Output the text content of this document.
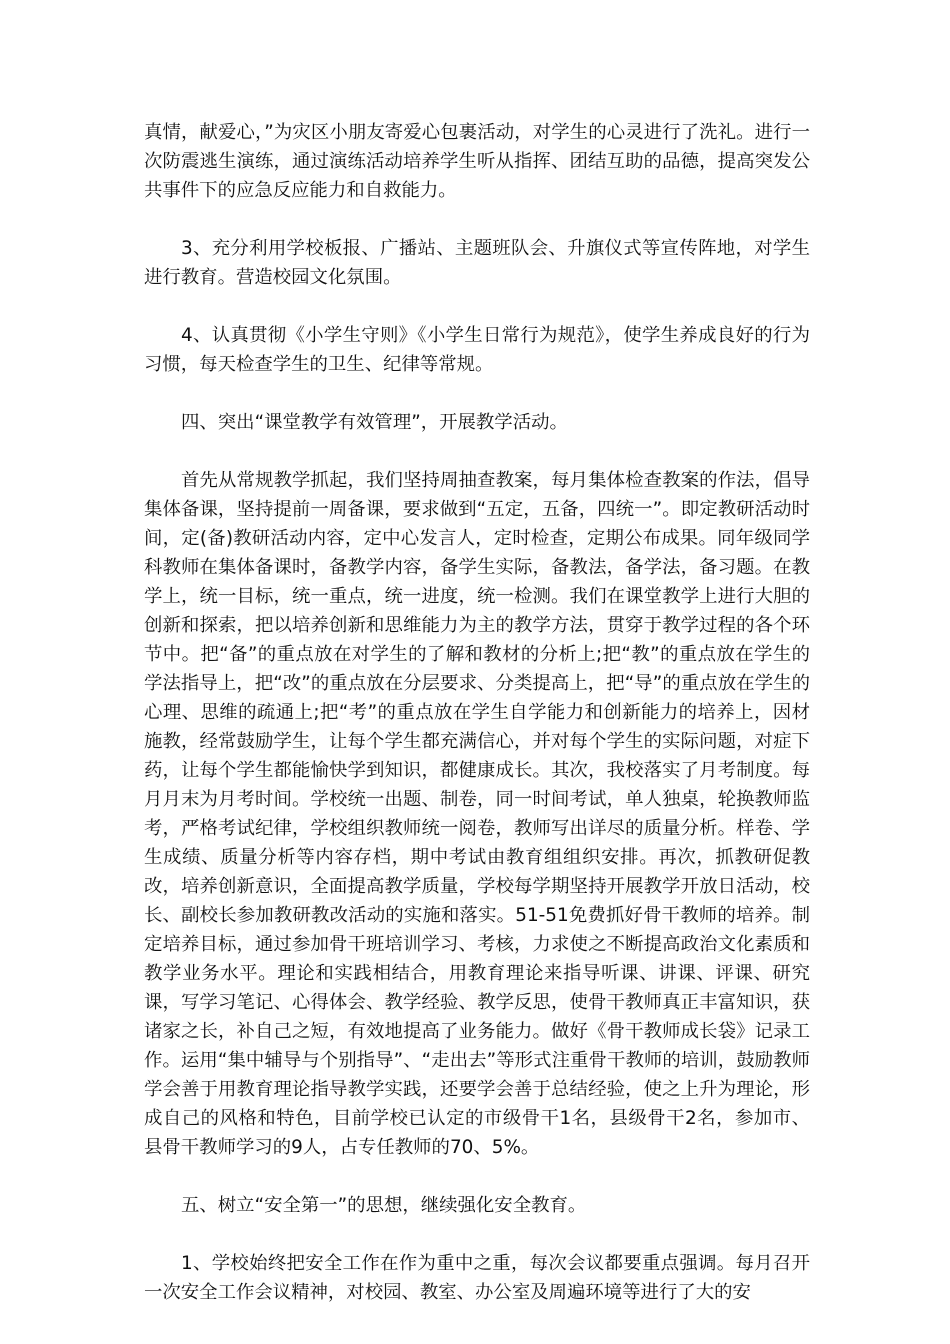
真情，献爱心，”为灾区小朋友寄爱心包裹活动，对学生的心灵进行了洗礼。进行一次防震逃生演练，通过演练活动培养学生听从指挥、团结互助的品德，提高突发公共事件下的应急反应能力和自救能力。

3、充分利用学校板报、广播站、主题班队会、升旗仪式等宣传阵地，对学生进行教育。营造校园文化氛围。

4、认真贯彻《小学生守则》《小学生日常行为规范》，使学生养成良好的行为习惯，每天检查学生的卫生、纪律等常规。

四、突出“课堂教学有效管理”，开展教学活动。

首先从常规教学抓起，我们坚持周抽查教案，每月集体检查教案的作法，倡导集体备课，坚持提前一周备课，要求做到“五定，五备，四统一”。即定教研活动时间，定(备)教研活动内容，定中心发言人，定时检查，定期公布成果。同年级同学科教师在集体备课时，备教学内容，备学生实际，备教法，备学法，备习题。在教学上，统一目标，统一重点，统一进度，统一检测。我们在课堂教学上进行大胆的创新和探索，把以培养创新和思维能力为主的教学方法，贯穿于教学过程的各个环节中。把“备”的重点放在对学生的了解和教材的分析上;把“教”的重点放在学生的学法指导上，把“改”的重点放在分层要求、分类提高上，把“导”的重点放在学生的心理、思维的疏通上;把“考”的重点放在学生自学能力和创新能力的培养上，因材施教，经常鼓励学生，让每个学生都充满信心，并对每个学生的实际问题，对症下药，让每个学生都能愉快学到知识，都健康成长。其次，我校落实了月考制度。每月月末为月考时间。学校统一出题、制卷，同一时间考试，单人独桌，轮换教师监考，严格考试纪律，学校组织教师统一阅卷，教师写出详尽的质量分析。样卷、学生成绩、质量分析等内容存档，期中考试由教育组组织安排。再次，抓教研促教改，培养创新意识，全面提高教学质量，学校每学期坚持开展教学开放日活动，校长、副校长参加教研教改活动的实施和落实。51-51免费抓好骨干教师的培养。制定培养目标，通过参加骨干班培训学习、考核，力求使之不断提高政治文化素质和教学业务水平。理论和实践相结合，用教育理论来指导听课、讲课、评课、研究课，写学习笔记、心得体会、教学经验、教学反思，使骨干教师真正丰富知识，获诸家之长，补自己之短，有效地提高了业务能力。做好《骨干教师成长袋》记录工作。运用“集中辅导与个别指导”、“走出去”等形式注重骨干教师的培训，鼓励教师学会善于用教育理论指导教学实践，还要学会善于总结经验，使之上升为理论，形成自己的风格和特色，目前学校已认定的市级骨干1名，县级骨干2名，参加市、县骨干教师学习的9人，占专任教师的70、5%。

五、树立“安全第一”的思想，继续强化安全教育。

1、学校始终把安全工作在作为重中之重，每次会议都要重点强调。每月召开一次安全工作会议精神，对校园、教室、办公室及周遍环境等进行了大的安
